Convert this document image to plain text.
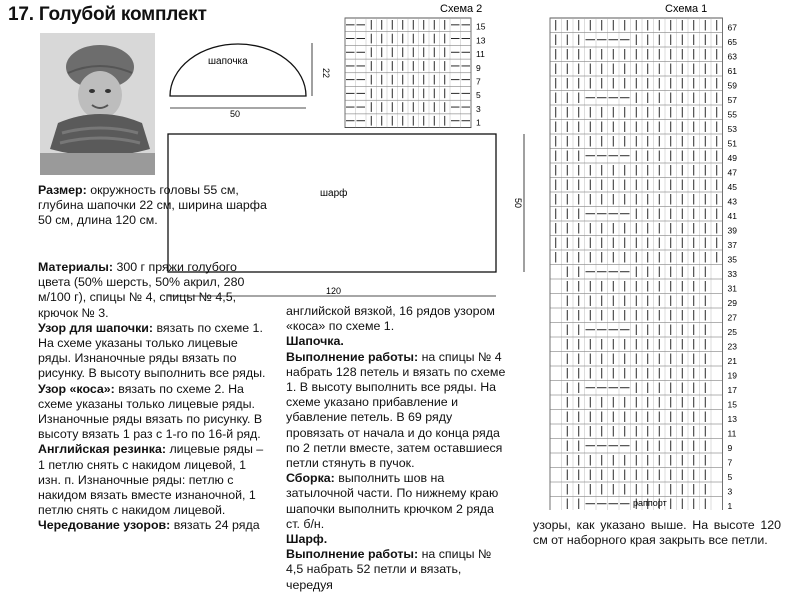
17. Голубой комплект
шапочка
50
22
шарф
120
50
Схема 2
15
13
11
9
7
5
3
1
Схема 1
67
65
63
61
59
57
55
53
51
49
47
45
43
41
39
37
35
33
31
29
27
25
23
21
19
17
15
13
11
9
7
5
3
1
раппорт

Размер: окружность головы 55 см, глубина шапочки 22 см, ширина шарфа 50 см, длина 120 см.

Материалы: 300 г пряжи голубого цвета (50% шерсть, 50% акрил, 280 м/100 г), спицы № 4, спицы № 4,5, крючок № 3.

Узор для шапочки: вязать по схеме 1. На схеме указаны только лицевые ряды. Изнаночные ряды вязать по рисунку. В высоту выполнить все ряды.

Узор «коса»: вязать по схеме 2. На схеме указаны только лицевые ряды. Изнаночные ряды вязать по рисунку. В высоту вязать 1 раз с 1-го по 16-й ряд.

Английская резинка: лицевые ряды – 1 петлю снять с накидом лицевой, 1 изн. п. Изнаночные ряды: петлю с накидом вязать вместе изнаночной, 1 петлю снять с накидом лицевой.

Чередование узоров: вязать 24 ряда

английской вязкой, 16 рядов узором «коса» по схеме 1.

Шапочка.

Выполнение работы: на спицы № 4 набрать 128 петель и вязать по схеме 1. В высоту выполнить все ряды. На схеме указано прибавление и убавление петель. В 69 ряду провязать от начала и до конца ряда по 2 петли вместе, затем оставшиеся петли стянуть в пучок.

Сборка: выполнить шов на затылочной части. По нижнему краю шапочки выполнить крючком 2 ряда ст. б/н.

Шарф.

Выполнение работы: на спицы № 4,5 набрать 52 петли и вязать, чередуя

узоры, как указано выше. На высоте 120 см от наборного края закрыть все петли.
